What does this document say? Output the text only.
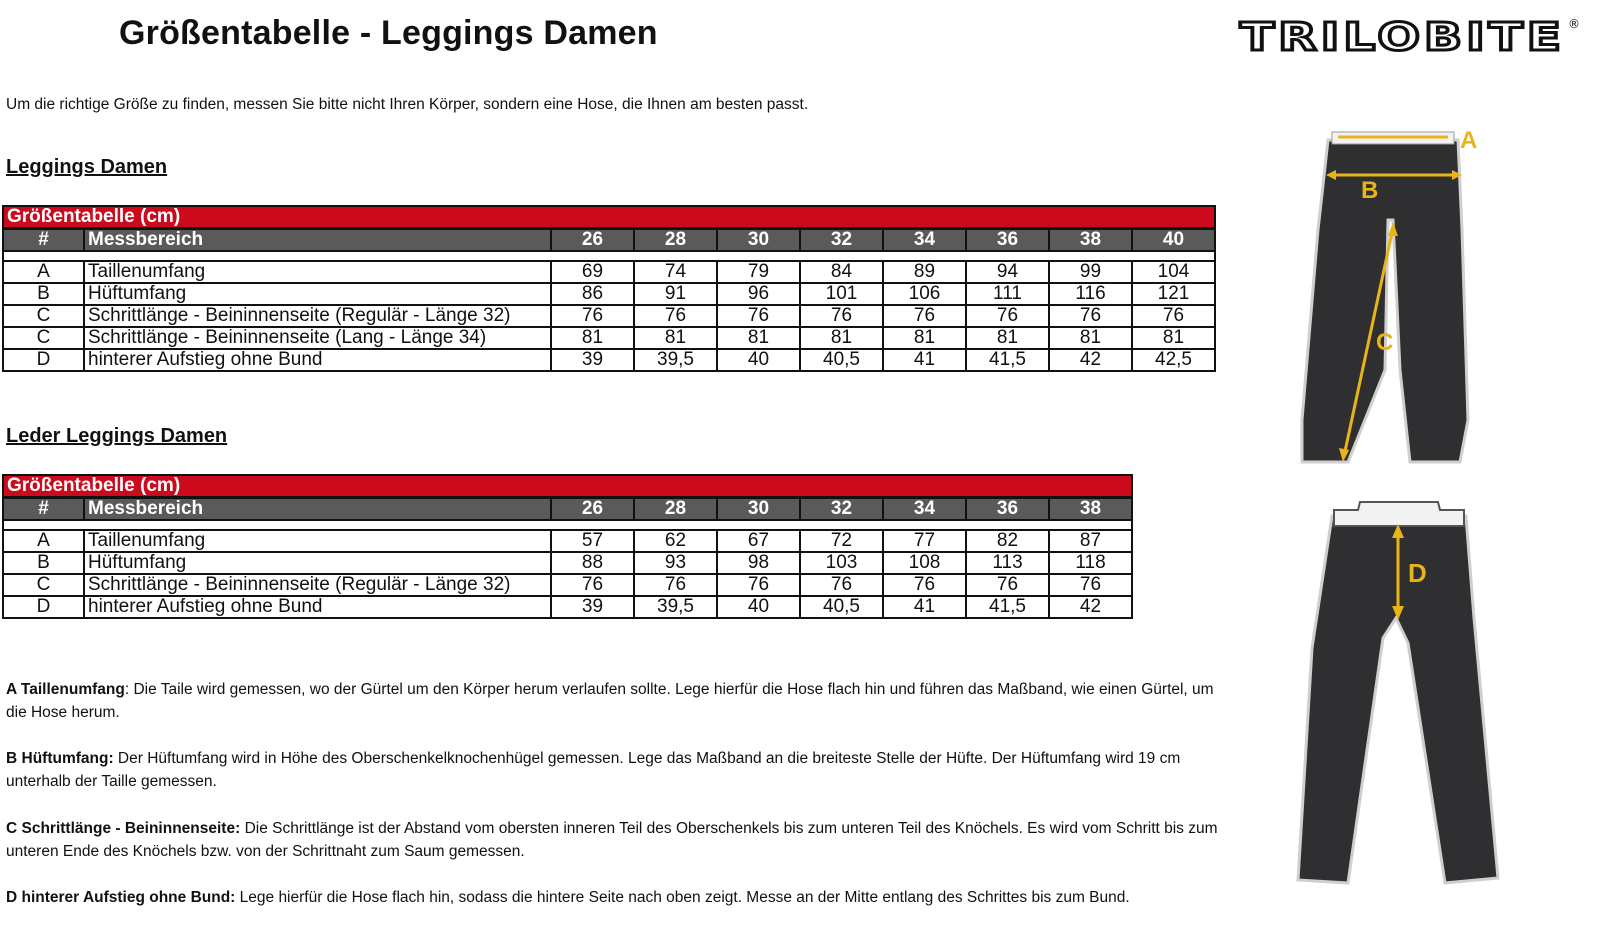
Größentabelle - Leggings Damen	TRILOBITE ®
Um die richtige Größe zu finden, messen Sie bitte nicht Ihren Körper, sondern eine Hose, die Ihnen am besten passt.
Leggings Damen
Größentabelle (cm)									
#	Messbereich	26	28	30	32	34	36	38	40

A	Taillenumfang	69	74	79	84	89	94	99	104
B	Hüftumfang	86	91	96	101	106	111	116	121
C	Schrittlänge - Beininnenseite (Regulär - Länge 32)	76	76	76	76	76	76	76	76
C	Schrittlänge - Beininnenseite (Lang - Länge 34)	81	81	81	81	81	81	81	81
D	hinterer Aufstieg ohne Bund	39	39,5	40	40,5	41	41,5	42	42,5
Leder Leggings Damen
Größentabelle (cm)								
#	Messbereich	26	28	30	32	34	36	38

A	Taillenumfang	57	62	67	72	77	82	87
B	Hüftumfang	88	93	98	103	108	113	118
C	Schrittlänge - Beininnenseite (Regulär - Länge 32)	76	76	76	76	76	76	76
D	hinterer Aufstieg ohne Bund	39	39,5	40	40,5	41	41,5	42
A Taillenumfang: Die Taile wird gemessen, wo der Gürtel um den Körper herum verlaufen sollte. Lege hierfür die Hose flach hin und führen das Maßband, wie einen Gürtel, um die Hose herum.
B Hüftumfang: Der Hüftumfang wird in Höhe des Oberschenkelknochenhügel gemessen. Lege das Maßband an die breiteste Stelle der Hüfte. Der Hüftumfang wird 19 cm unterhalb der Taille gemessen.
C Schrittlänge - Beininnenseite: Die Schrittlänge ist der Abstand vom obersten inneren Teil des Oberschenkels bis zum unteren Teil des Knöchels. Es wird vom Schritt bis zum unteren Ende des Knöchels bzw. von der Schrittnaht zum Saum gemessen.
D hinterer Aufstieg ohne Bund: Lege hierfür die Hose flach hin, sodass die hintere Seite nach oben zeigt. Messe an der Mitte entlang des Schrittes bis zum Bund.
A
B
C
D
